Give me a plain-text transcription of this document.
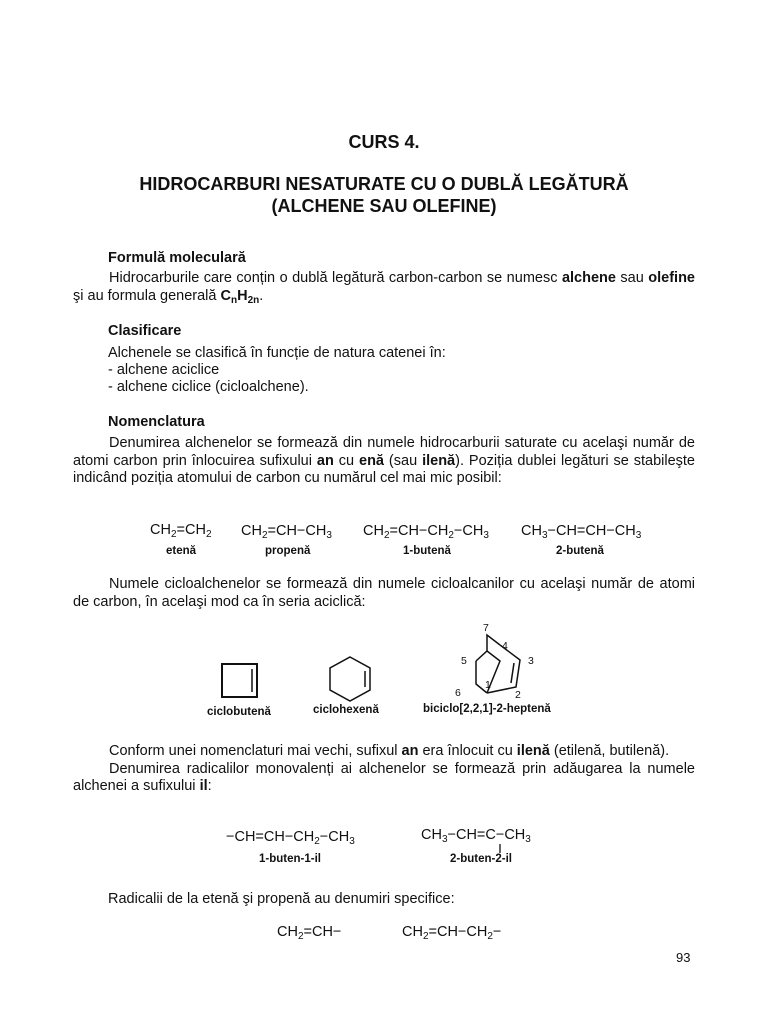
CURS 4.
HIDROCARBURI NESATURATE CU O DUBLĂ LEGĂTURĂ
(ALCHENE SAU OLEFINE)
Formulă moleculară

Hidrocarburile care conțin o dublă legătură carbon-carbon se numesc alchene sau olefine şi au formula generală $C_nH_{2n}$.

Clasificare
Alchenele se clasifică în funcție de natura catenei în:
- alchene aciclice
- alchene ciclice (cicloalchene).
Nomenclatura

Denumirea alchenelor se formează din numele hidrocarburii saturate cu acelaşi număr de atomi carbon prin înlocuirea sufixului an cu enă (sau ilenă). Poziția dublei legături se stabileşte indicând poziția atomului de carbon cu numărul cel mai mic posibil:

$CH_2=CH_2$
etenă
$CH_2=CH-CH_3$
propenă
$CH_2=CH-CH_2-CH_3$
1-butenă
$CH_3-CH=CH-CH_3$
2-butenă

Numele cicloalchenelor se formează din numele cicloalcanilor cu acelaşi număr de atomi de carbon, în acelaşi mod ca în seria aciclică:

ciclobutenă	ciclohexenă
7
4
5	3
1
6	2
biciclo[2,2,1]-2-heptenă

Conform unei nomenclaturi mai vechi, sufixul an era înlocuit cu ilenă (etilenă, butilenă).

Denumirea radicalilor monovalenți ai alchenelor se formează prin adăugarea la numele alchenei a sufixului il:

$-CH=CH-CH_2-CH_3$
1-buten-1-il
$CH_3-CH=C-CH_3$
2-buten-2-il
Radicalii de la etenă şi propenă au denumiri specifice:
$CH_2=CH-$	$CH_2=CH-CH_2-$
93
